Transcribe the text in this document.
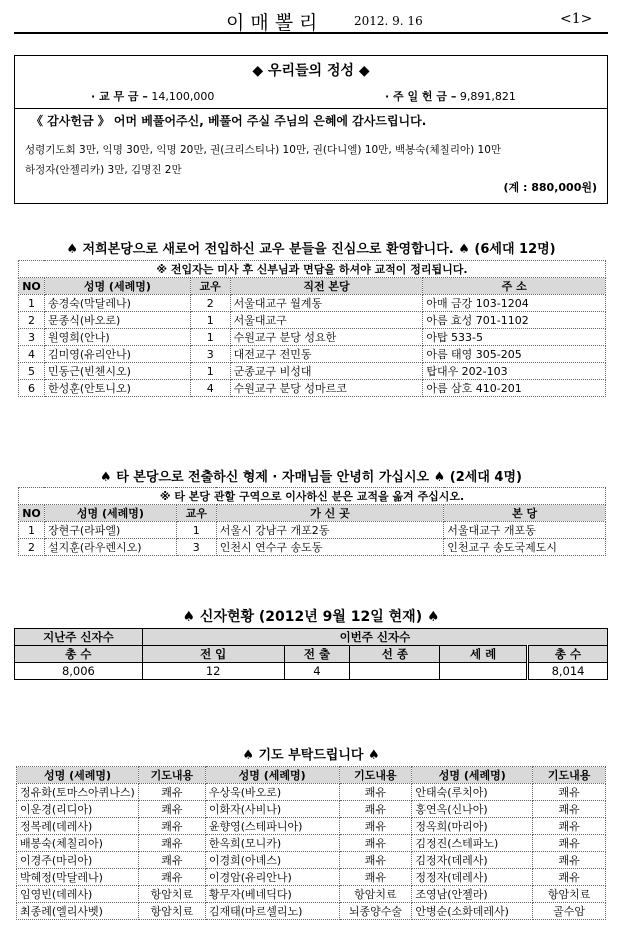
이매뽈리	2012. 9. 16	<1>
◆ 우리들의 정성 ◆
· 교 무 금 – 14,100,000	· 주 일 헌 금 – 9,891,821
《 감사헌금 》 어머 베풀어주신, 베풀어 주실 주님의 은혜에 감사드립니다.
성령기도회 3만, 익명 30만, 익명 20만, 권(크리스티나) 10만, 권(다니엘) 10만, 백봉숙(체칠리아) 10만
하정자(안젤리카) 3만, 김명진 2만
(계 : 880,000원)
♠ 저희본당으로 새로어 전입하신 교우 분들을 진심으로 환영합니다. ♠ (6세대 12명)
※ 전입자는 미사 후 신부님과 면담을 하셔야 교적이 정리됩니다.				
NO	성명 (세례명)	교우	직전 본당	주 소
1	송경숙(막달레나)	2	서울대교구 월계동	아매 금강 103-1204
2	문종식(바오로)	1	서울대교구	아름 효성 701-1102
3	원영희(안나)	1	수원교구 분당 성요한	아탑 533-5
4	김미영(유리안나)	3	대전교구 전민동	아름 태영 305-205
5	민동근(빈첸시오)	1	군종교구 비성대	탑대우 202-103
6	한성훈(안토니오)	4	수원교구 분당 성마르코	아름 삼호 410-201
♠ 타 본당으로 전출하신 형제 · 자매님들 안녕히 가십시오 ♠ (2세대 4명)
※ 타 본당 관할 구역으로 이사하신 분은 교적을 옮겨 주십시오.				
NO	성명 (세례명)	교우	가 신 곳	본 당
1	장현구(라파엘)	1	서울시 강남구 개포2동	서울대교구 개포동
2	설지훈(라우렌시오)	3	인천시 연수구 송도동	인천교구 송도국제도시
♠ 신자현황 (2012년 9월 12일 현재) ♠
지난주 신자수	이번주 신자수				
총 수	전 입	전 출	선 종	세 례	총 수
8,006	12	4			8,014
♠ 기도 부탁드립니다 ♠
성명 (세례명)	기도내용	성명 (세례명)	기도내용	성명 (세례명)	기도내용
정유화(토마스아퀴나스)	쾌유	우상욱(바오로)	쾌유	안태숙(루치아)	쾌유
이운경(리디아)	쾌유	이화자(사비나)	쾌유	홍연옥(신나아)	쾌유
정복례(데레사)	쾌유	윤향영(스테파니아)	쾌유	정옥희(마리아)	쾌유
배봉숙(체칠리아)	쾌유	한옥희(모니카)	쾌유	김정진(스테파노)	쾌유
이경주(마리아)	쾌유	이경희(아녜스)	쾌유	김정자(데레사)	쾌유
박혜정(막달레나)	쾌유	이경암(유리안나)	쾌유	정정자(데레사)	쾌유
임영빈(데레사)	항암치료	황무자(베네딕다)	항암치료	조영남(안젤라)	항암치료
최종례(엘리사벳)	항암치료	김재태(마르셀리노)	뇌종양수술	안병순(소화데레사)	골수암
